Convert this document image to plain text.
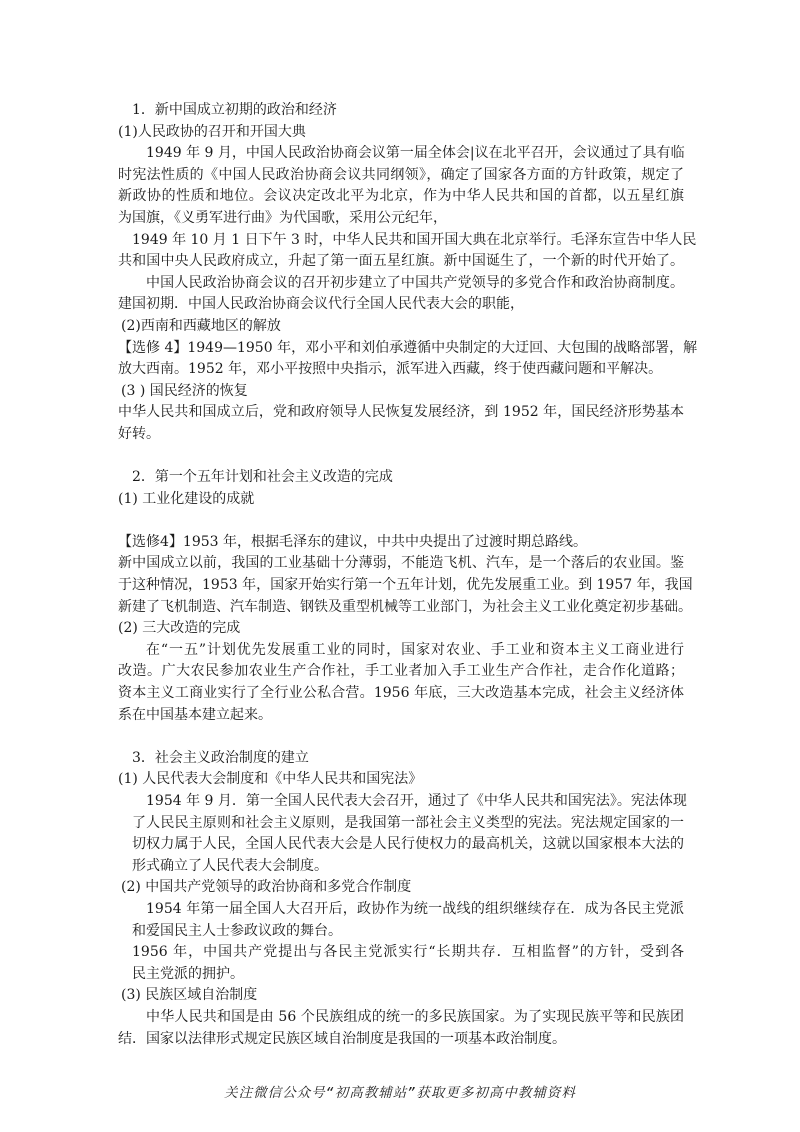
1．新中国成立初期的政治和经济
(1)人民政协的召开和开国大典
1949 年 9 月，中国人民政治协商会议第一届全体会|议在北平召开，会议通过了具有临
时宪法性质的《中国人民政治协商会议共同纲领》，确定了国家各方面的方针政策，规定了
新政协的性质和地位。会议决定改北平为北京，作为中华人民共和国的首都，以五星红旗
为国旗，《义勇军进行曲》为代国歌，采用公元纪年，
1949 年 10 月 1 日下午 3 时，中华人民共和国开国大典在北京举行。毛泽东宣告中华人民
共和国中央人民政府成立，升起了第一面五星红旗。新中国诞生了，一个新的时代开始了。
中国人民政治协商会议的召开初步建立了中国共产党领导的多党合作和政治协商制度。
建国初期．中国人民政治协商会议代行全国人民代表大会的职能，
(2)西南和西藏地区的解放
【选修 4】1949—1950 年，邓小平和刘伯承遵循中央制定的大迂回、大包围的战略部署，解
放大西南。1952 年，邓小平按照中央指示，派军进入西藏，终于使西藏问题和平解决。
(3 ) 国民经济的恢复
中华人民共和国成立后，党和政府领导人民恢复发展经济，到 1952 年，国民经济形势基本
好转。
2．第一个五年计划和社会主义改造的完成
(1) 工业化建设的成就
【选修4】1953 年，根据毛泽东的建议，中共中央提出了过渡时期总路线。
新中国成立以前，我国的工业基础十分薄弱，不能造飞机、汽车，是一个落后的农业国。鉴
于这种情况，1953 年，国家开始实行第一个五年计划，优先发展重工业。到 1957 年，我国
新建了飞机制造、汽车制造、钢铁及重型机械等工业部门，为社会主义工业化奠定初步基础。
(2) 三大改造的完成
在“一五”计划优先发展重工业的同时，国家对农业、手工业和资本主义工商业进行
改造。广大农民参加农业生产合作社，手工业者加入手工业生产合作社，走合作化道路；
资本主义工商业实行了全行业公私合营。1956 年底，三大改造基本完成，社会主义经济体
系在中国基本建立起来。
3．社会主义政治制度的建立
(1) 人民代表大会制度和《中华人民共和国宪法》
1954 年 9 月．第一全国人民代表大会召开，通过了《中华人民共和国宪法》。宪法体现
了人民民主原则和社会主义原则，是我国第一部社会主义类型的宪法。宪法规定国家的一
切权力属于人民，全国人民代表大会是人民行使权力的最高机关，这就以国家根本大法的
形式确立了人民代表大会制度。
(2) 中国共产党领导的政治协商和多党合作制度
1954 年第一届全国人大召开后，政协作为统一战线的组织继续存在．成为各民主党派
和爱国民主人士参政议政的舞台。
1956 年，中国共产党提出与各民主党派实行“长期共存．互相监督”的方针，受到各
民主党派的拥护。
(3) 民族区域自治制度
中华人民共和国是由 56 个民族组成的统一的多民族国家。为了实现民族平等和民族团
结．国家以法律形式规定民族区域自治制度是我国的一项基本政治制度。
关注微信公众号“初高教辅站”获取更多初高中教辅资料
